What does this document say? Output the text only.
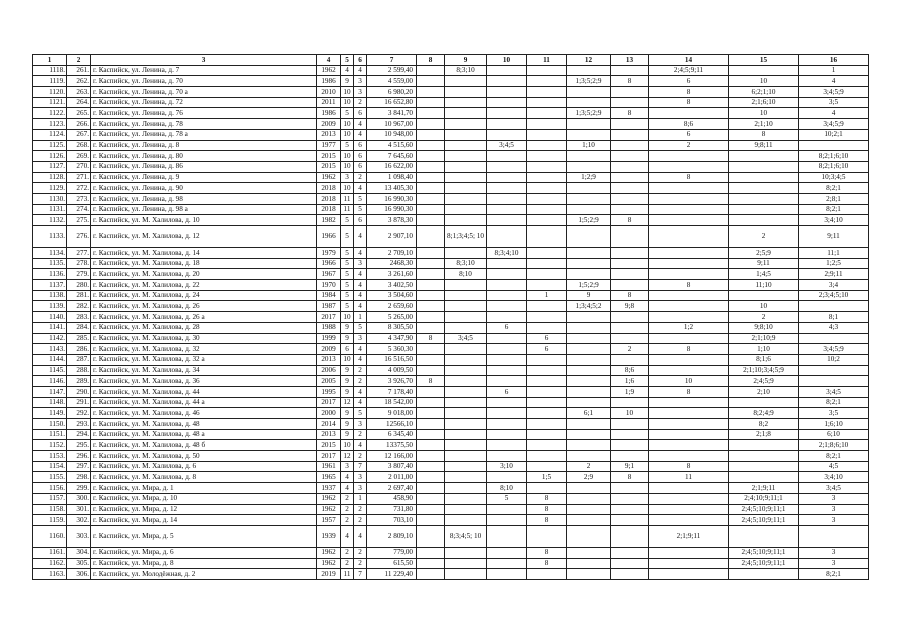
1	2	3	4	5	6	7	8	9	10	11	12	13	14	15	16
1118.	261.	г. Каспийск, ул. Ленина, д. 7	1962	4	4	2 599,40		8;3;10					2;4;5;9;11		1
1119.	262.	г. Каспийск, ул. Ленина, д. 70	1986	9	3	4 559,00					1;3;5;2;9	8	6	10	4
1120.	263.	г. Каспийск, ул. Ленина, д. 70 а	2010	10	3	6 980,20							8	6;2;1;10	3;4;5;9
1121.	264.	г. Каспийск, ул. Ленина, д. 72	2011	10	2	16 652,80							8	2;1;6;10	3;5
1122.	265.	г. Каспийск, ул. Ленина, д. 76	1986	5	6	3 841,70					1;3;5;2;9	8		10	4
1123.	266.	г. Каспийск, ул. Ленина, д. 78	2009	10	4	10 967,00							8;6	2;1;10	3;4;5;9
1124.	267.	г. Каспийск, ул. Ленина, д. 78 а	2013	10	4	10 948,00							6	8	10;2;1
1125.	268.	г. Каспийск, ул. Ленина, д. 8	1977	5	6	4 515,60			3;4;5		1;10		2	9;8;11	
1126.	269.	г. Каспийск, ул. Ленина, д. 80	2015	10	6	7 645,60									8;2;1;6;10
1127.	270.	г. Каспийск, ул. Ленина, д. 86	2015	10	6	16 622,00									8;2;1;6;10
1128.	271.	г. Каспийск, ул. Ленина, д. 9	1962	3	2	1 098,40					1;2;9		8		10;3;4;5
1129.	272.	г. Каспийск, ул. Ленина, д. 90	2018	10	4	13 405,30									8;2;1
1130.	273.	г. Каспийск, ул. Ленина, д. 98	2018	11	5	16 990,30									2;8;1
1131.	274.	г. Каспийск, ул. Ленина, д. 98 а	2018	11	5	16 990,30									8;2;1
1132.	275.	г. Каспийск, ул. М. Халилова, д. 10	1982	5	6	3 878,30					1;5;2;9	8			3;4;10
1133.	276.	г. Каспийск, ул. М. Халилова, д. 12	1966	5	4	2 907,10		8;1;3;4;5; 10						2	9;11
1134.	277.	г. Каспийск, ул. М. Халилова, д. 14	1979	5	4	2 709,10			8;3;4;10					2;5;9	11;1
1135.	278.	г. Каспийск, ул. М. Халилова, д. 18	1966	5	3	2468,30		8;3;10						9;11	1;2;5
1136.	279.	г. Каспийск, ул. М. Халилова, д. 20	1967	5	4	3 261,60		8;10						1;4;5	2;9;11
1137.	280.	г. Каспийск, ул. М. Халилова, д. 22	1970	5	4	3 402,50					1;5;2;9		8	11;10	3;4
1138.	281.	г. Каспийск, ул. М. Халилова, д. 24	1984	5	4	3 504,60				1	9	8			2;3;4;5;10
1139.	282.	г. Каспийск, ул. М. Халилова, д. 26	1987	5	4	2 659,60					1;3;4;5;2	9;8		10	
1140.	283.	г. Каспийск, ул. М. Халилова, д. 26 а	2017	10	1	5 265,00								2	8;1
1141.	284.	г. Каспийск, ул. М. Халилова, д. 28	1988	9	5	8 305,50			6				1;2	9;8;10	4;3
1142.	285.	г. Каспийск, ул. М. Халилова, д. 30	1999	9	3	4 347,90	8	3;4;5		6				2;1;10;9	
1143.	286.	г. Каспийск, ул. М. Халилова, д. 32	2009	6	4	5 360,30				6		2	8	1;10	3;4;5;9
1144.	287.	г. Каспийск, ул. М. Халилова, д. 32 а	2013	10	4	16 516,50								8;1;6	10;2
1145.	288.	г. Каспийск, ул. М. Халилова, д. 34	2006	9	2	4 009,50						8;6		2;1;10;3;4;5;9	
1146.	289.	г. Каспийск, ул. М. Халилова, д. 36	2005	9	2	3 926,70	8					1;6	10	2;4;5;9	
1147.	290.	г. Каспийск, ул. М. Халилова, д. 44	1995	9	4	7 178,40			6			1;9	8	2;10	3;4;5
1148.	291.	г. Каспийск, ул. М. Халилова, д. 44 а	2017	12	4	18 542,00									8;2;1
1149.	292.	г. Каспийск, ул. М. Халилова, д. 46	2000	9	5	9 018,00					6;1	10		8;2;4;9	3;5
1150.	293.	г. Каспийск, ул. М. Халилова, д. 48	2014	9	3	12566,10								8;2	1;6;10
1151.	294.	г. Каспийск, ул. М. Халилова, д. 48 а	2013	9	2	6 345,40								2;1;8	6;10
1152.	295.	г. Каспийск, ул. М. Халилова, д. 48 б	2015	10	4	13375,50									2;1;8;6;10
1153.	296.	г. Каспийск, ул. М. Халилова, д. 50	2017	12	2	12 166,00									8;2;1
1154.	297.	г. Каспийск, ул. М. Халилова, д. 6	1961	3	7	3 807,40			3;10		2	9;1	8		4;5
1155.	298.	г. Каспийск, ул. М. Халилова, д. 8	1965	4	3	2 011,00				1;5	2;9	8	11		3;4;10
1156.	299.	г. Каспийск, ул. Мира, д. 1	1937	4	3	2 697,40			8;10					2;1;9;11	3;4;5
1157.	300.	г. Каспийск, ул. Мира, д. 10	1962	2	1	458,90			5	8				2;4;10;9;11;1	3
1158.	301.	г. Каспийск, ул. Мира, д. 12	1962	2	2	731,80				8				2;4;5;10;9;11;1	3
1159.	302.	г. Каспийск, ул. Мира, д. 14	1957	2	2	703,10				8				2;4;5;10;9;11;1	3
1160.	303.	г. Каспийск, ул. Мира, д. 5	1939	4	4	2 809,10		8;3;4;5; 10					2;1;9;11		
1161.	304.	г. Каспийск, ул. Мира, д. 6	1962	2	2	779,00				8				2;4;5;10;9;11;1	3
1162.	305.	г. Каспийск, ул. Мира, д. 8	1962	2	2	615,50				8				2;4;5;10;9;11;1	3
1163.	306.	г. Каспийск, ул. Молодёжная, д. 2	2019	11	7	11 229,40									8;2;1
